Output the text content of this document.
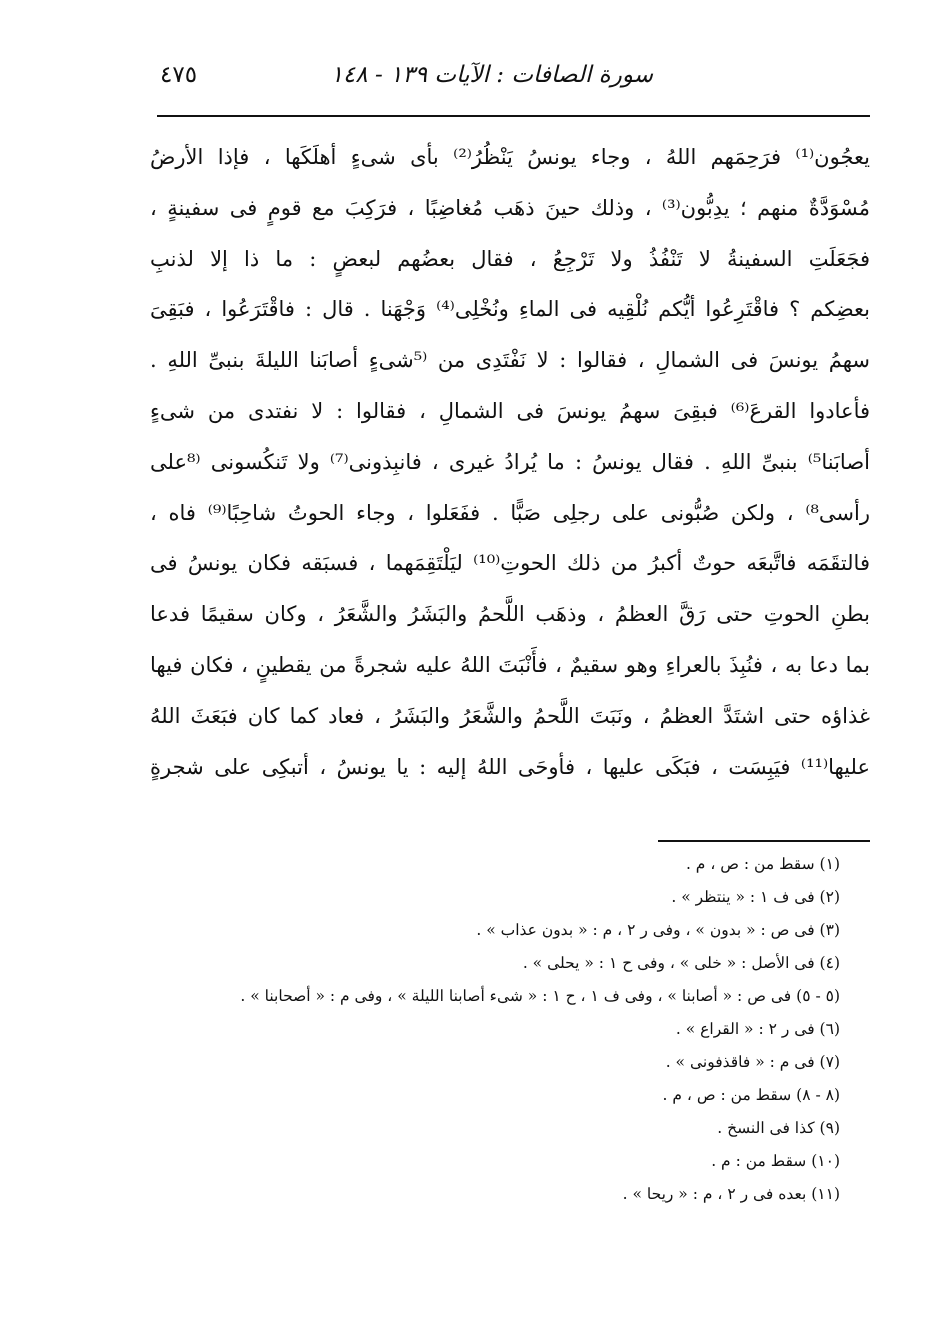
سورة الصافات : الآيات ١٣٩ - ١٤٨
٤٧٥
يعجُون⁽¹⁾ فرَحِمَهم اللهُ ، وجاء يونسُ يَنْظُرُ⁽²⁾ بأى شىءٍ أهلَكَها ، فإذا الأرضُ
مُسْوَدَّةٌ منهم ؛ يدِبُّون⁽³⁾ ، وذلك حينَ ذهَب مُغاضِبًا ، فرَكِبَ مع قومٍ فى سفينةٍ ،
فجَعَلَتِ السفينةُ لا تَنْفُذُ ولا تَرْجِعُ ، فقال بعضُهم لبعضٍ : ما ذا إلا لذنبِ
بعضِكم ؟ فاقْتَرِعُوا أيُّكم نُلْقِيه فى الماءِ ونُخْلِى⁽⁴⁾ وَجْهَنا . قال : فاقْتَرَعُوا ، فبَقِىَ
سهمُ يونسَ فى الشمالِ ، فقالوا : لا نَفْتَدِى من ⁽⁵شىءٍ أصابَنا الليلةَ بنبىِّ اللهِ .
فأعادوا القرعَ⁽⁶⁾ فبقِىَ سهمُ يونسَ فى الشمالِ ، فقالوا : لا نفتدى من شىءٍ
أصابَنا⁵⁾ بنبىِّ اللهِ . فقال يونسُ : ما يُرادُ غيرى ، فانبِذونى⁽⁷⁾ ولا تَنكُسونى ⁽⁸على
رأسى⁸⁾ ، ولكن صُبُّونى على رجلِى صَبًّا . ففَعَلوا ، وجاء الحوتُ شاحِبًا⁽⁹⁾ فاه ،
فالتقَمَه فاتَّبعَه حوتٌ أكبرُ من ذلك الحوتِ⁽¹⁰⁾ ليَلْتَقِمَهما ، فسبَقه فكان يونسُ فى
بطنِ الحوتِ حتى رَقَّ العظمُ ، وذهَب اللَّحمُ والبَشَرُ والشَّعَرُ ، وكان سقيمًا فدعا
بما دعا به ، فنُبِذَ بالعراءِ وهو سقيمٌ ، فأَنْبَتَ اللهُ عليه شجرةً من يقطينٍ ، فكان فيها
غذاؤه حتى اشتَدَّ العظمُ ، ونَبَتَ اللَّحمُ والشَّعَرُ والبَشَرُ ، فعاد كما كان فبَعَثَ اللهُ
عليها⁽¹¹⁾ فيَبِسَت ، فبَكَى عليها ، فأوحَى اللهُ إليه : يا يونسُ ، أتبكِى على شجرةٍ
(١) سقط من : ص ، م .
(٢) فى ف ١ : « ينتظر » .
(٣) فى ص : « بدون » ، وفى ر ٢ ، م : « بدون عذاب » .
(٤) فى الأصل : « خلى » ، وفى ح ١ : « يحلى » .
(٥ - ٥) فى ص : « أصابنا » ، وفى ف ١ ، ح ١ : « شىء أصابنا الليلة » ، وفى م : « أصحابنا » .
(٦) فى ر ٢ : « القراع » .
(٧) فى م : « فاقذفونى » .
(٨ - ٨) سقط من : ص ، م .
(٩) كذا فى النسخ .
(١٠) سقط من : م .
(١١) بعده فى ر ٢ ، م : « ريحا » .
